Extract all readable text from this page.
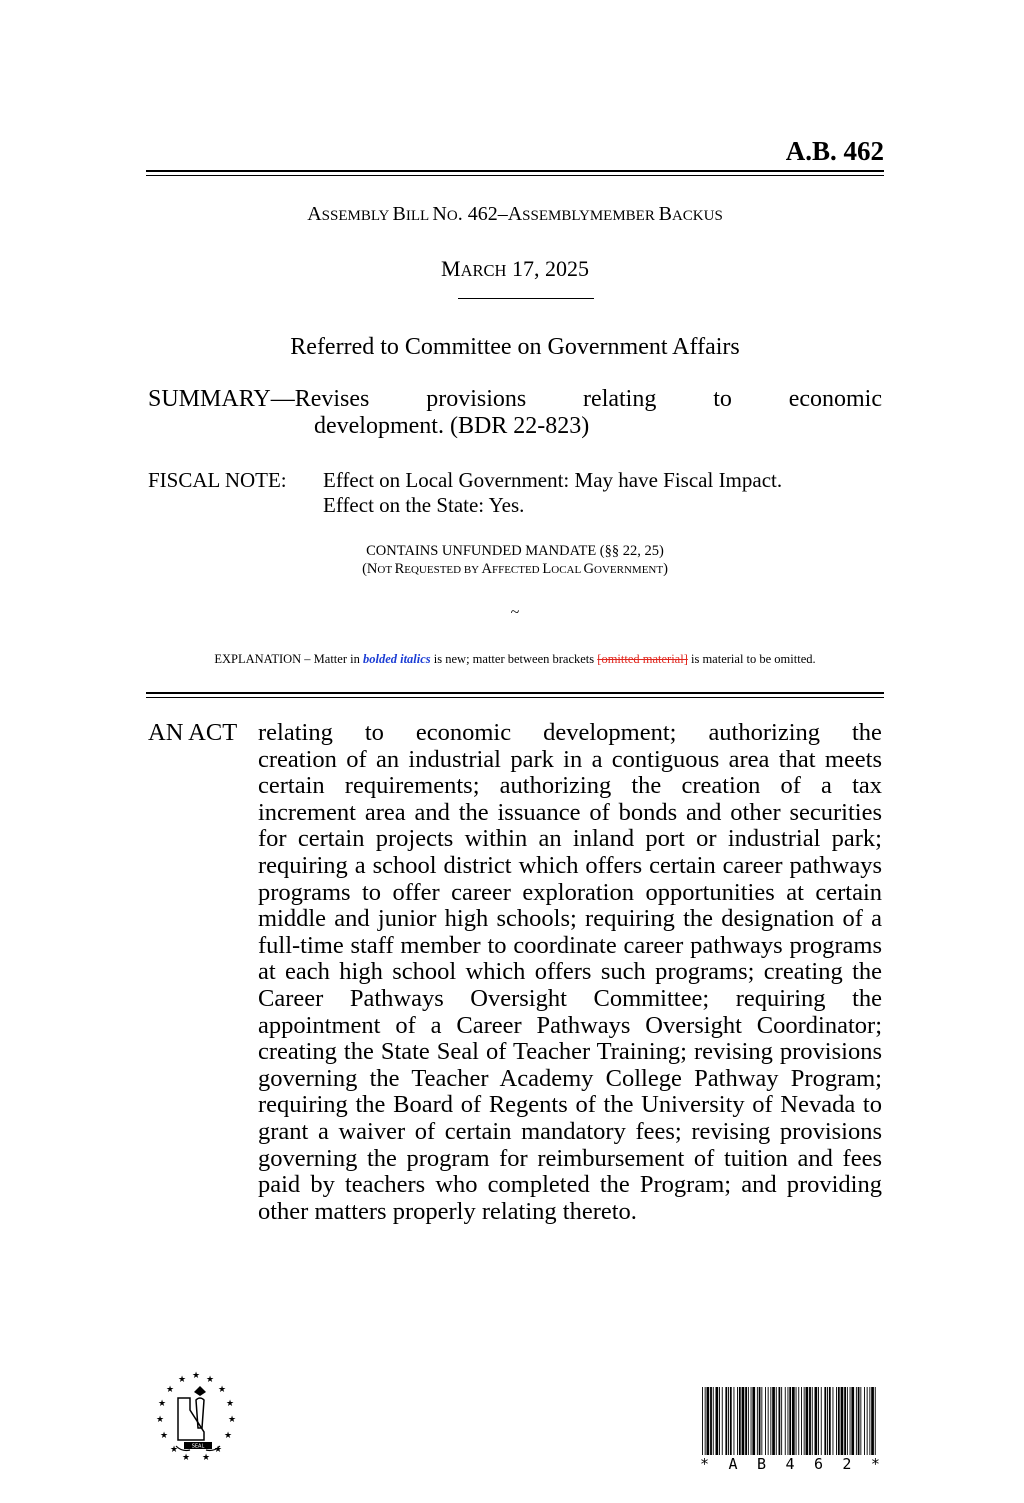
A.B. 462
ASSEMBLY BILL NO. 462–ASSEMBLYMEMBER BACKUS
MARCH 17, 2025
Referred to Committee on Government Affairs
SUMMARY—Revises provisions relating to economic
development. (BDR 22-823)
FISCAL NOTE:	Effect on Local Government: May have Fiscal Impact.
Effect on the State: Yes.
CONTAINS UNFUNDED MANDATE (§§ 22, 25)
(NOT REQUESTED BY AFFECTED LOCAL GOVERNMENT)
~
EXPLANATION – Matter in bolded italics is new; matter between brackets [omitted material] is material to be omitted.
AN ACT relating to economic development; authorizing the
creation of an industrial park in a contiguous area that meets certain requirements; authorizing the creation of a tax increment area and the issuance of bonds and other securities for certain projects within an inland port or industrial park; requiring a school district which offers certain career pathways programs to offer career exploration opportunities at certain middle and junior high schools; requiring the designation of a full-time staff member to coordinate career pathways programs at each high school which offers such programs; creating the Career Pathways Oversight Committee; requiring the appointment of a Career Pathways Oversight Coordinator; creating the State Seal of Teacher Training; revising provisions governing the Teacher Academy College Pathway Program; requiring the Board of Regents of the University of Nevada to grant a waiver of certain mandatory fees; revising provisions governing the program for reimbursement of tuition and fees paid by teachers who completed the Program; and providing other matters properly relating thereto.
★
★ ★
★	★
★	★
★	★
★	★
★	★
★ ★
SEAL
* A B 4 6 2 *
